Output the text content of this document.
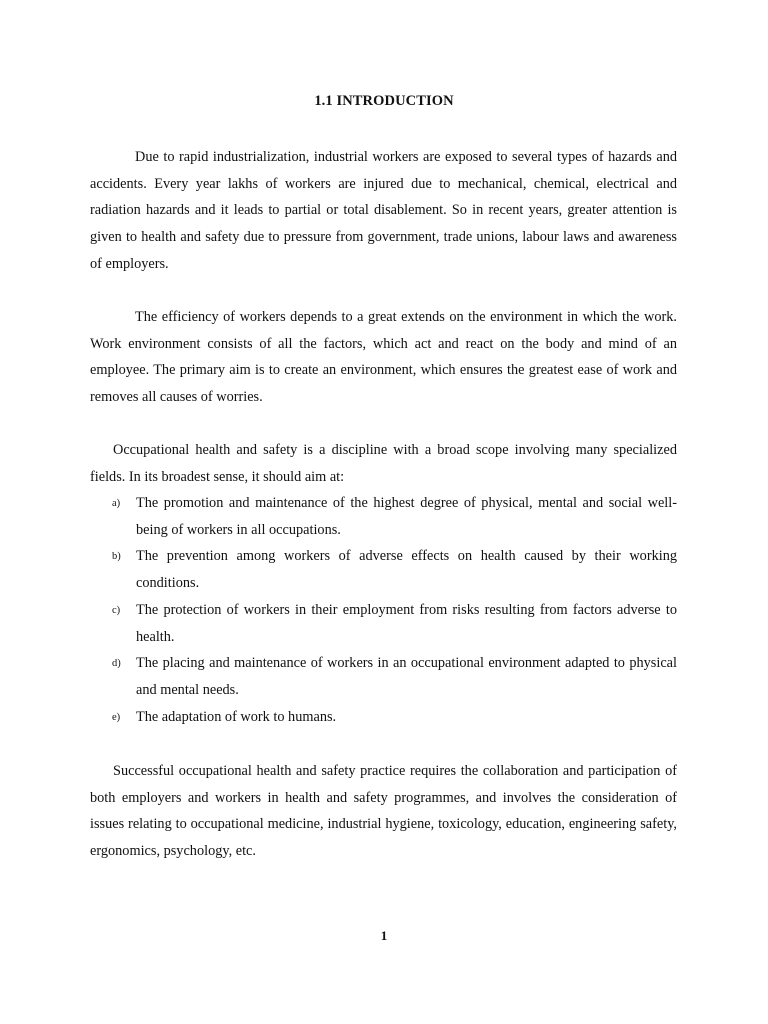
1.1 INTRODUCTION

Due to rapid industrialization, industrial workers are exposed to several types of hazards and accidents. Every year lakhs of workers are injured due to mechanical, chemical, electrical and radiation hazards and it leads to partial or total disablement. So in recent years, greater attention is given to health and safety due to pressure from government, trade unions, labour laws and awareness of employers.

The efficiency of workers depends to a great extends on the environment in which the work. Work environment consists of all the factors, which act and react on the body and mind of an employee. The primary aim is to create an environment, which ensures the greatest ease of work and removes all causes of worries.

Occupational health and safety is a discipline with a broad scope involving many specialized fields. In its broadest sense, it should aim at:

a) The promotion and maintenance of the highest degree of physical, mental and social well-being of workers in all occupations.
b) The prevention among workers of adverse effects on health caused by their working conditions.
c) The protection of workers in their employment from risks resulting from factors adverse to health.
d) The placing and maintenance of workers in an occupational environment adapted to physical and mental needs.
e) The adaptation of work to humans.

Successful occupational health and safety practice requires the collaboration and participation of both employers and workers in health and safety programmes, and involves the consideration of issues relating to occupational medicine, industrial hygiene, toxicology, education, engineering safety, ergonomics, psychology, etc.

1
